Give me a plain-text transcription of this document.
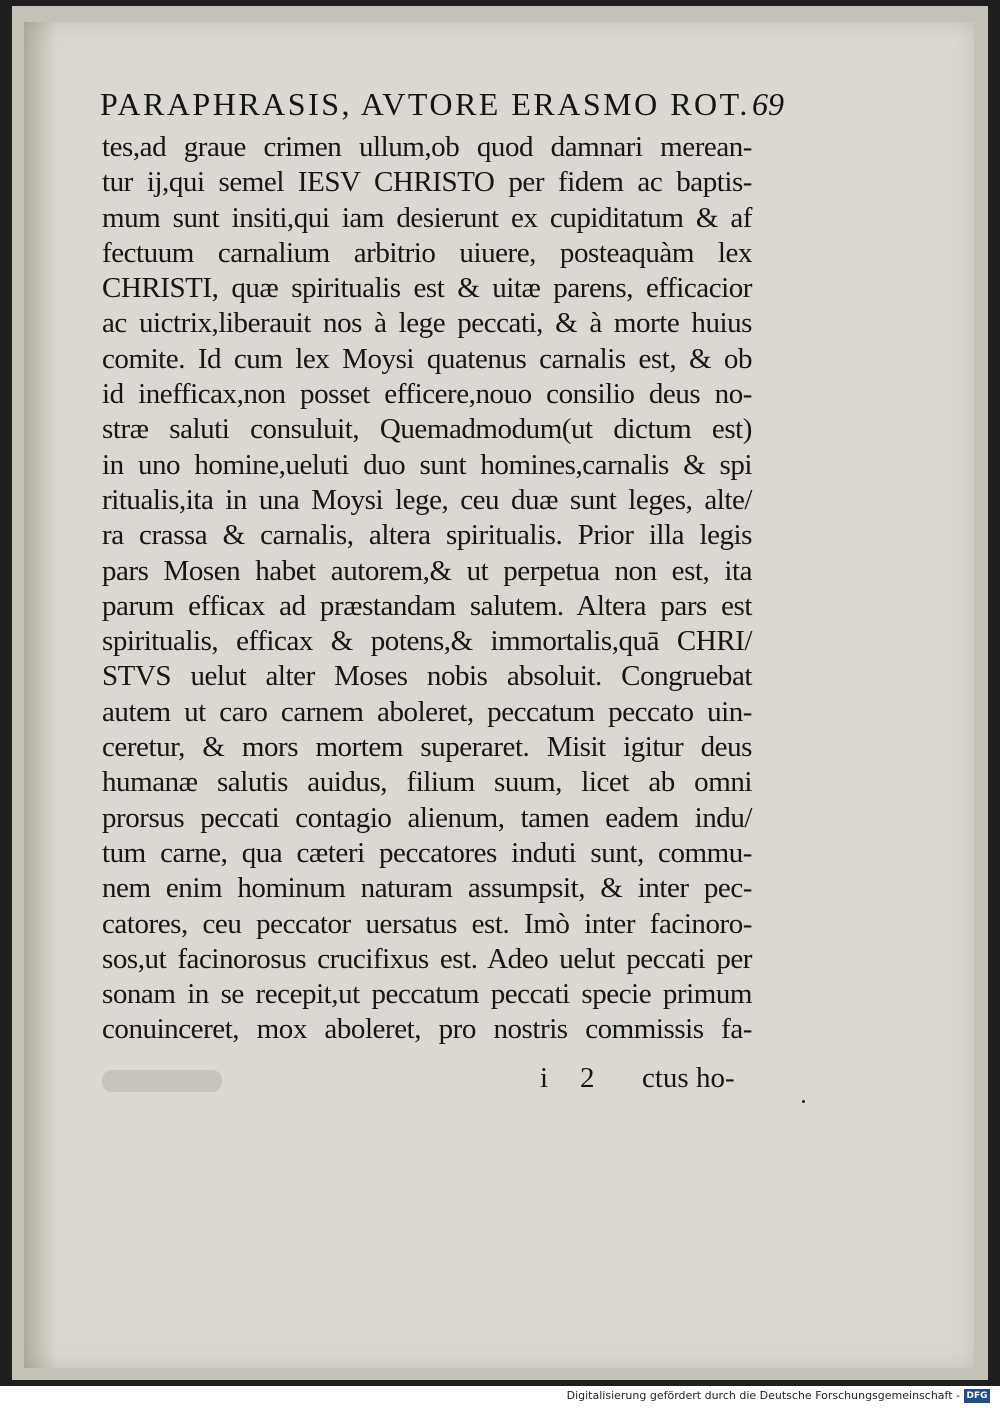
PARAPHRASIS, AVTORE ERASMO ROT. 69
tes,ad graue crimen ullum,ob quod damnari merean-
tur ij,qui semel IESV CHRISTO per fidem ac baptis-
mum sunt insiti,qui iam desierunt ex cupiditatum & af
fectuum carnalium arbitrio uiuere, posteaquàm lex
CHRISTI, quæ spiritualis est & uitæ parens, efficacior
ac uictrix,liberauit nos à lege peccati, & à morte huius
comite. Id cum lex Moysi quatenus carnalis est, & ob
id inefficax,non posset efficere,nouo consilio deus no-
stræ saluti consuluit, Quemadmodum(ut dictum est)
in uno homine,ueluti duo sunt homines,carnalis & spi
ritualis,ita in una Moysi lege, ceu duæ sunt leges, alte/
ra crassa & carnalis, altera spiritualis. Prior illa legis
pars Mosen habet autorem,& ut perpetua non est, ita
parum efficax ad præstandam salutem. Altera pars est
spiritualis, efficax & potens,& immortalis,quā CHRI/
STVS uelut alter Moses nobis absoluit. Congruebat
autem ut caro carnem aboleret, peccatum peccato uin-
ceretur, & mors mortem superaret. Misit igitur deus
humanæ salutis auidus, filium suum, licet ab omni
prorsus peccati contagio alienum, tamen eadem indu/
tum carne, qua cæteri peccatores induti sunt, commu-
nem enim hominum naturam assumpsit, & inter pec-
catores, ceu peccator uersatus est. Imò inter facinoro-
sos,ut facinorosus crucifixus est. Adeo uelut peccati per
sonam in se recepit,ut peccatum peccati specie primum
conuinceret, mox aboleret, pro nostris commissis fa-
i 2 ctus ho-
Digitalisierung gefördert durch die Deutsche Forschungsgemeinschaft - DFG
